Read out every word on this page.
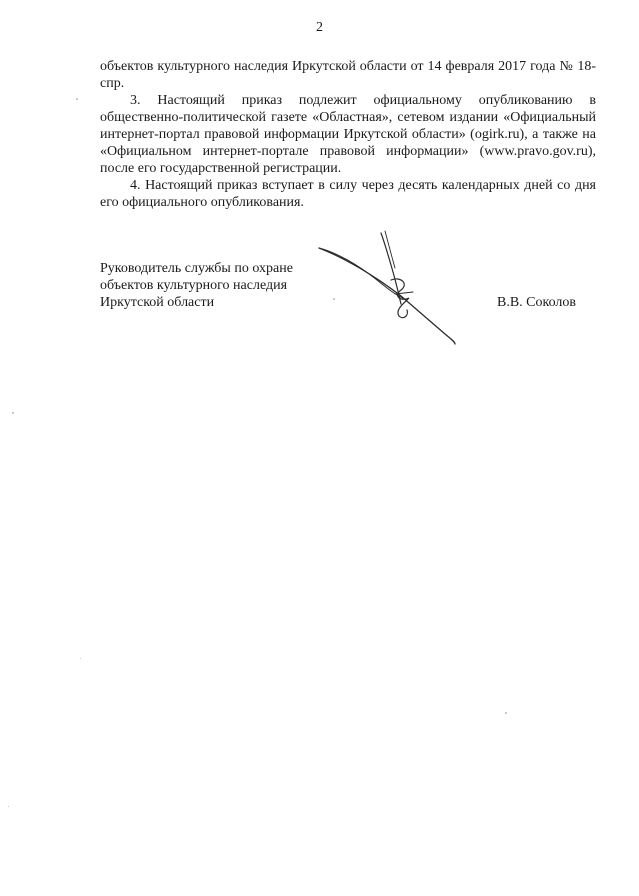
2

объектов культурного наследия Иркутской области от 14 февраля 2017 года № 18-спр.

3. Настоящий приказ подлежит официальному опубликованию в общественно-политической газете «Областная», сетевом издании «Официальный интернет-портал правовой информации Иркутской области» (ogirk.ru), а также на «Официальном интернет-портале правовой информации» (www.pravo.gov.ru), после его государственной регистрации.

4. Настоящий приказ вступает в силу через десять календарных дней со дня его официального опубликования.

Руководитель службы по охране
объектов культурного наследия
Иркутской области	В.В. Соколов
